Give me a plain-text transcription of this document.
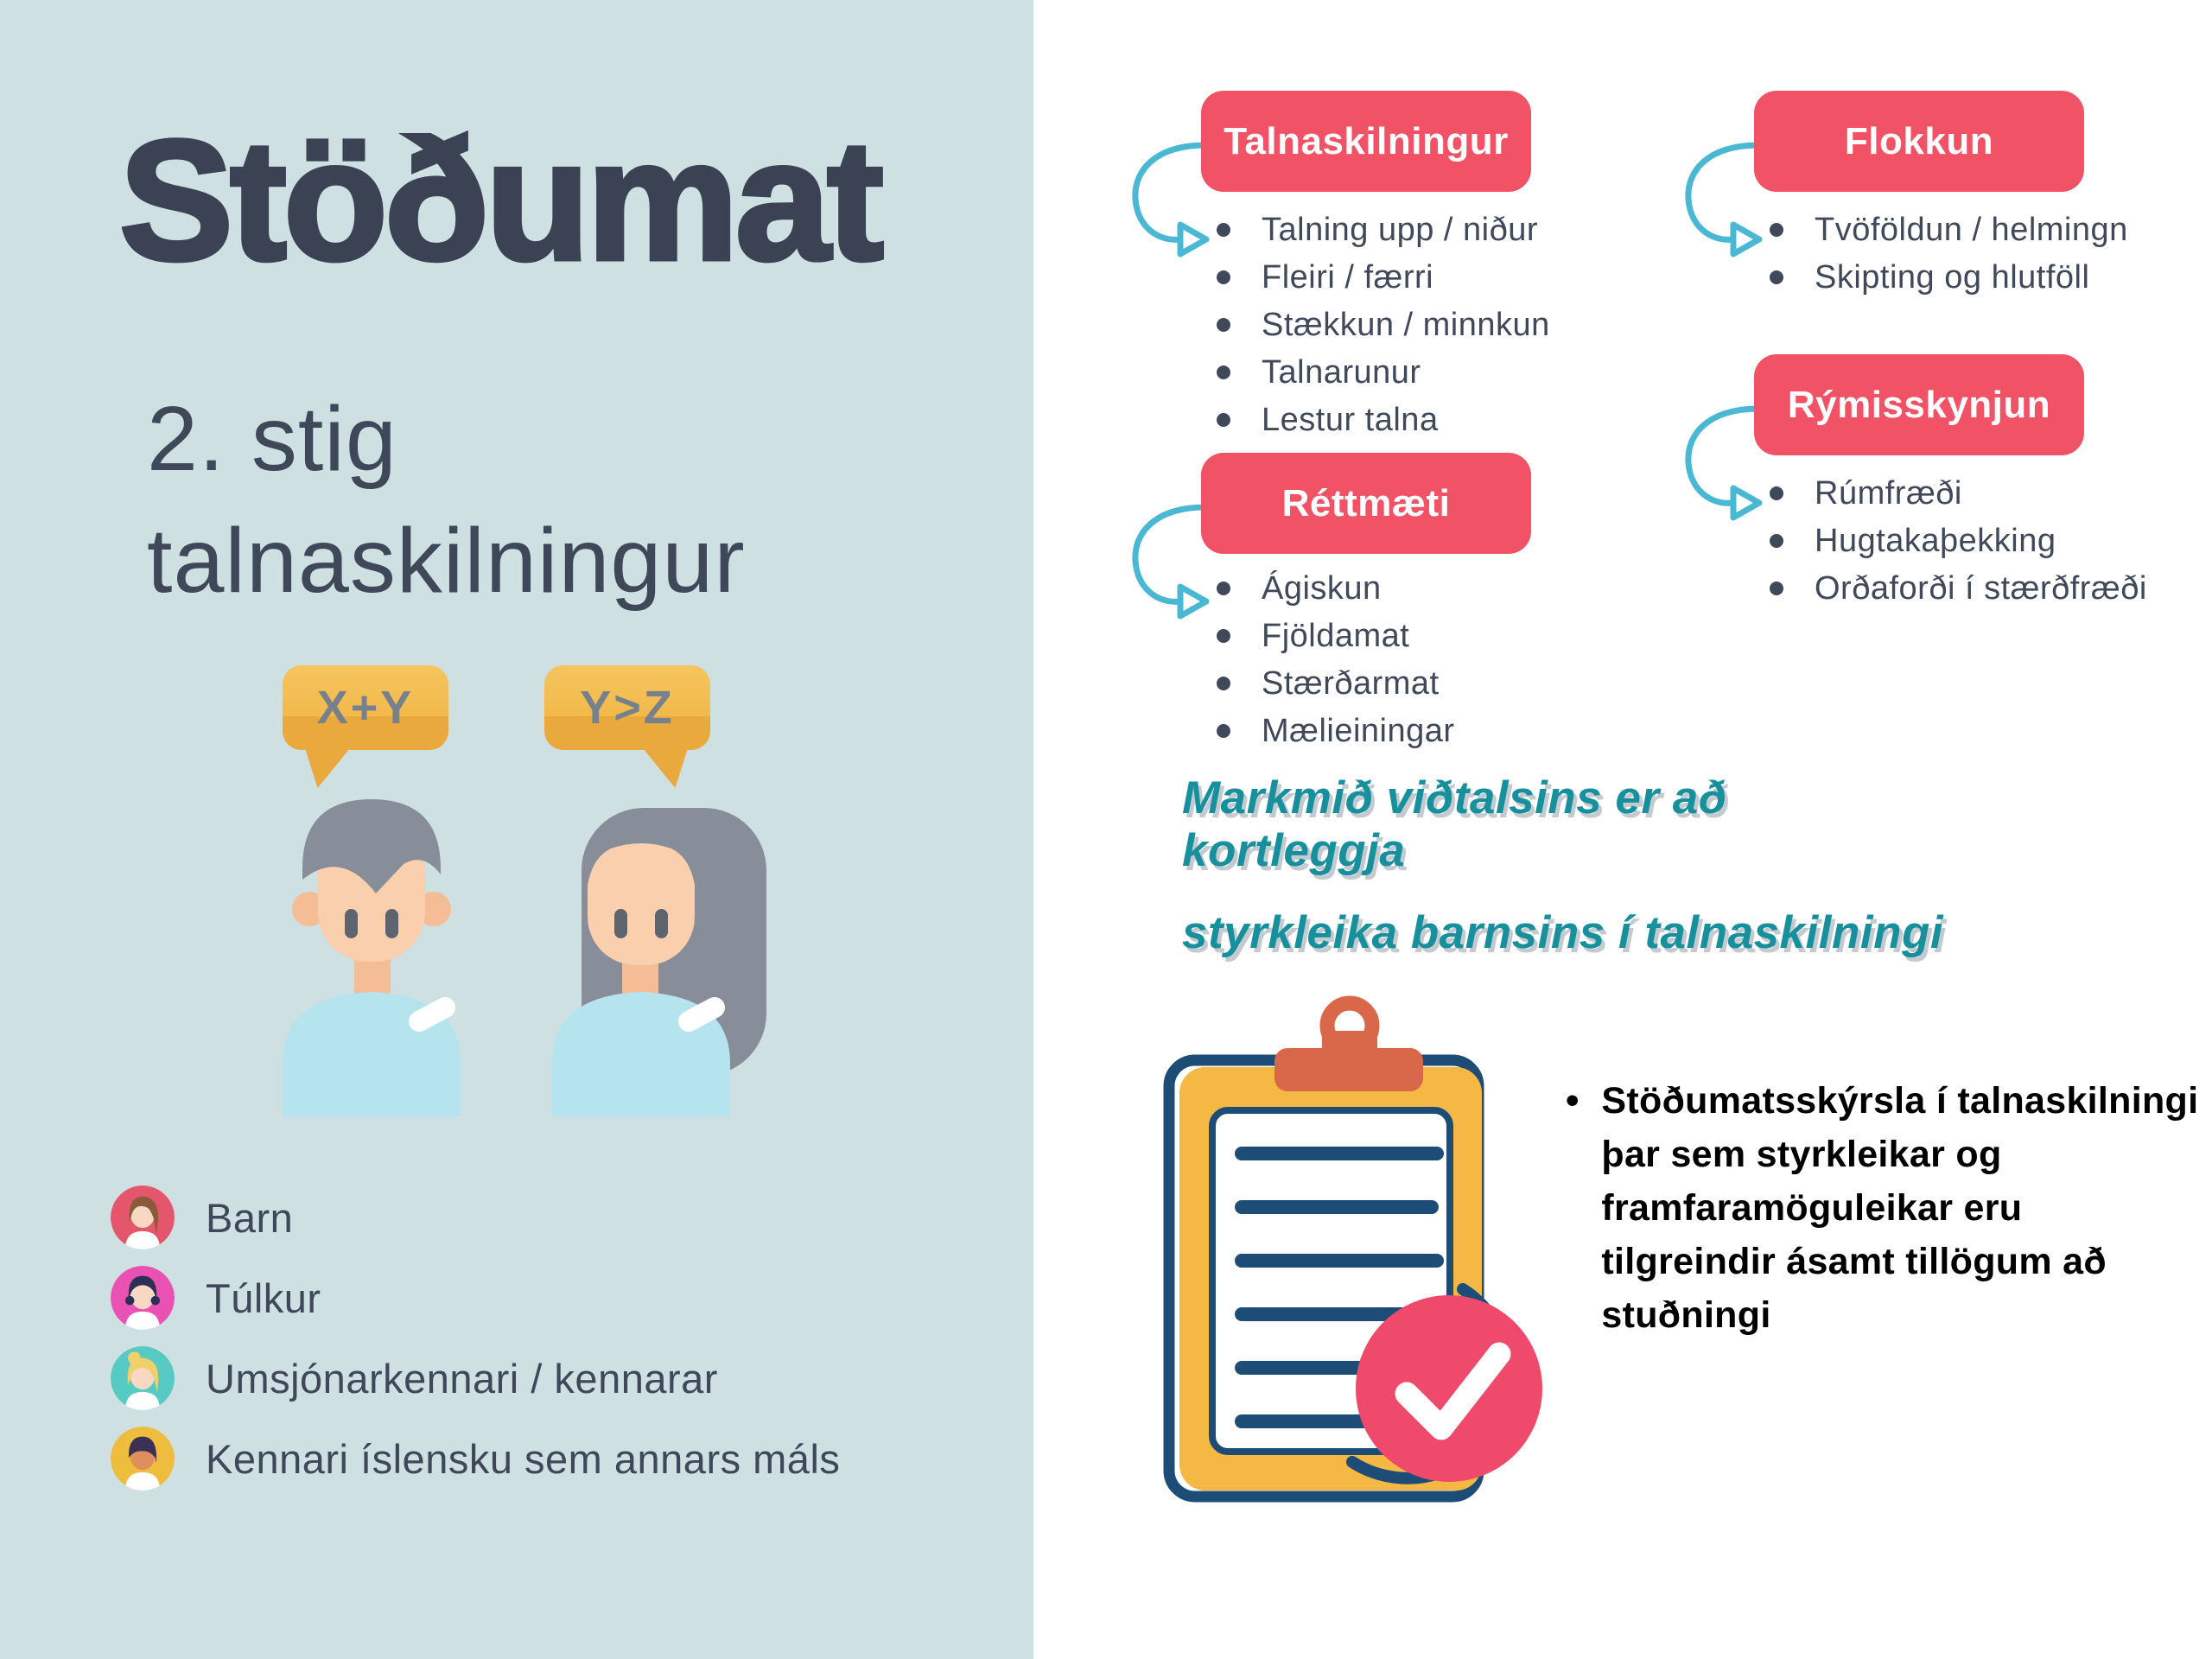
Stöðumat
2. stig talnaskilningur
X+Y	Y>Z
Barn
Túlkur
Umsjónarkennari / kennarar
Kennari íslensku sem annars máls
Talnaskilningur
Talning upp / niður
Fleiri / færri
Stækkun / minnkun
Talnarunur
Lestur talna
Flokkun
Tvöföldun / helmingn
Skipting og hlutföll
Rýmisskynjun
Rúmfræði
Hugtakaþekking
Orðaforði í stærðfræði
Réttmæti
Ágiskun
Fjöldamat
Stærðarmat
Mælieiningar
Markmið viðtalsins er að kortleggja
styrkleika barnsins í talnaskilningi
• Stöðumatsskýrsla í talnaskilningi þar sem styrkleikar og framfaramöguleikar eru tilgreindir ásamt tillögum að stuðningi
